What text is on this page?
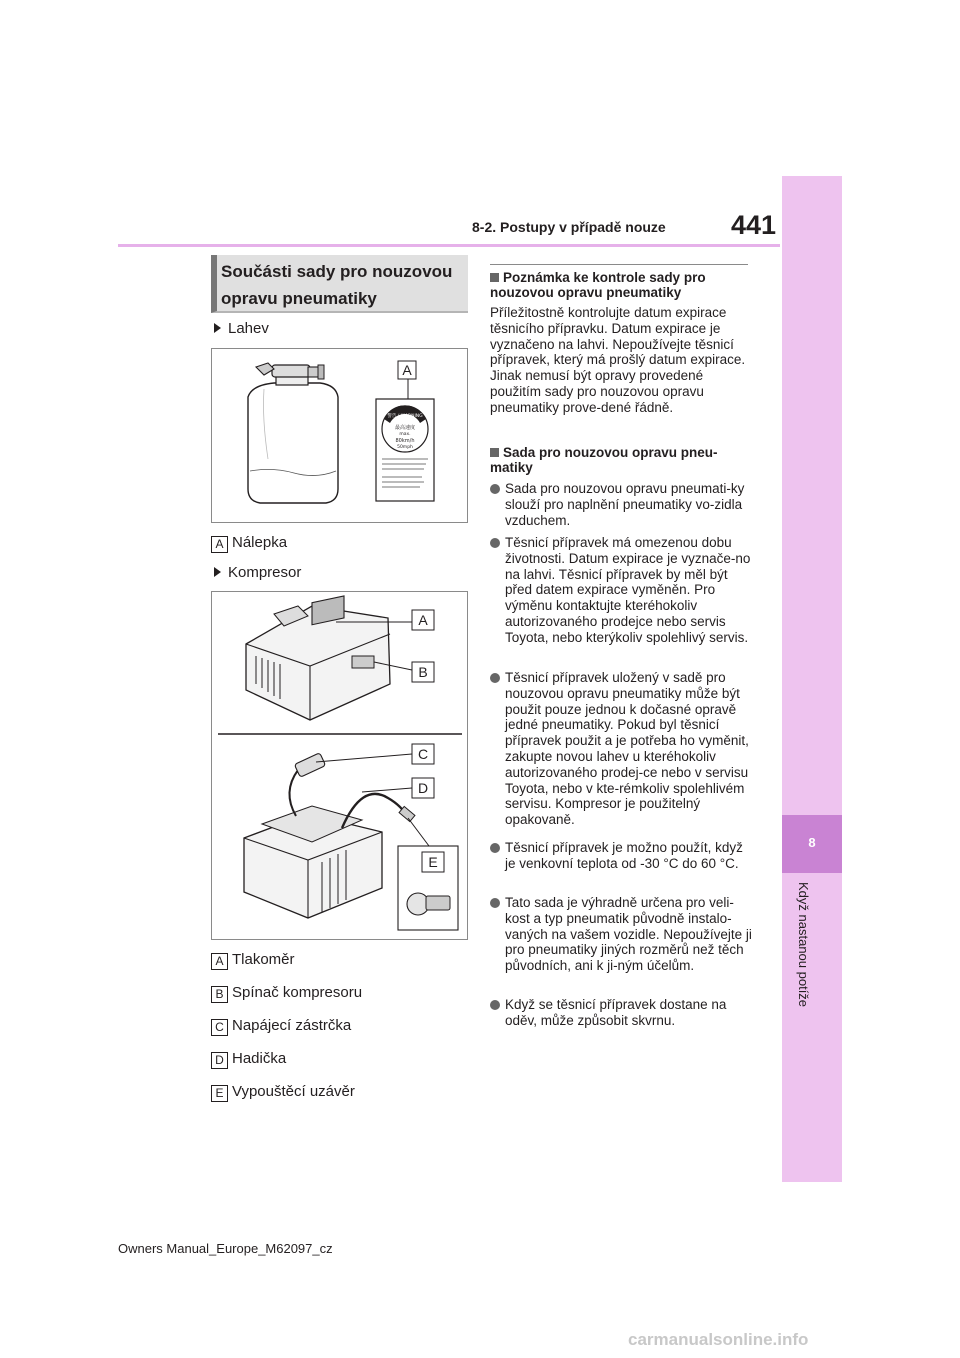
8-2. Postupy v případě nouze 441
8
Když nastanou potíže
Součásti sady pro nouzovou opravu pneumatiky
Lahev
警告 / WARNING
最高速度
max.
80km/h
50mph
A
A Nálepka
Kompresor
A
B
C
D
E
A Tlakoměr
B Spínač kompresoru
C Napájecí zástrčka
D Hadička
E Vypouštěcí uzávěr
Poznámka ke kontrole sady pro nouzovou opravu pneumatiky
Příležitostně kontrolujte datum expirace těsnicího přípravku. Datum expirace je vyznačeno na lahvi. Nepoužívejte těsnicí přípravek, který má prošlý datum expirace. Jinak nemusí být opravy provedené použitím sady pro nouzovou opravu pneumatiky prove-dené řádně.
Sada pro nouzovou opravu pneu-matiky
Sada pro nouzovou opravu pneumati-ky slouží pro naplnění pneumatiky vo-zidla vzduchem.
Těsnicí přípravek má omezenou dobu životnosti. Datum expirace je vyznače-no na lahvi. Těsnicí přípravek by měl být před datem expirace vyměněn. Pro výměnu kontaktujte kteréhokoliv autorizovaného prodejce nebo servis Toyota, nebo kterýkoliv spolehlivý servis.
Těsnicí přípravek uložený v sadě pro nouzovou opravu pneumatiky může být použit pouze jednou k dočasné opravě jedné pneumatiky. Pokud byl těsnicí přípravek použit a je potřeba ho vyměnit, zakupte novou lahev u kteréhokoliv autorizovaného prodej-ce nebo v servisu Toyota, nebo v kte-rémkoliv spolehlivém servisu. Kompresor je použitelný opakovaně.
Těsnicí přípravek je možno použít, když je venkovní teplota od -30 °C do 60 °C.
Tato sada je výhradně určena pro veli-kost a typ pneumatik původně instalo-vaných na vašem vozidle. Nepoužívejte ji pro pneumatiky jiných rozměrů než těch původních, ani k ji-ným účelům.
Když se těsnicí přípravek dostane na oděv, může způsobit skvrnu.
Owners Manual_Europe_M62097_cz
carmanualsonline.info
